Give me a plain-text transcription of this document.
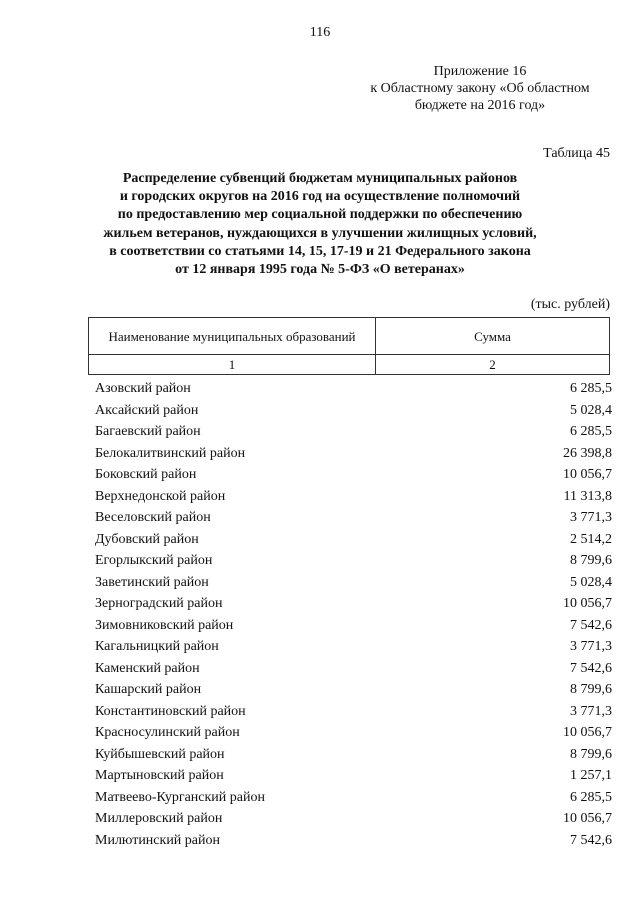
116
Приложение 16
к Областному закону «Об областном
бюджете на 2016 год»
Таблица 45
Распределение субвенций бюджетам муниципальных районов
и городских округов на 2016 год на осуществление полномочий
по предоставлению мер социальной поддержки по обеспечению
жильем ветеранов, нуждающихся в улучшении жилищных условий,
в соответствии со статьями 14, 15, 17-19 и 21 Федерального закона
от 12 января 1995 года № 5-ФЗ «О ветеранах»
(тыс. рублей)
Наименование муниципальных образований	Сумма
1	2
Азовский район	6 285,5
Аксайский район	5 028,4
Багаевский район	6 285,5
Белокалитвинский район	26 398,8
Боковский район	10 056,7
Верхнедонской район	11 313,8
Веселовский район	3 771,3
Дубовский район	2 514,2
Егорлыкский район	8 799,6
Заветинский район	5 028,4
Зерноградский район	10 056,7
Зимовниковский район	7 542,6
Кагальницкий район	3 771,3
Каменский район	7 542,6
Кашарский район	8 799,6
Константиновский район	3 771,3
Красносулинский район	10 056,7
Куйбышевский район	8 799,6
Мартыновский район	1 257,1
Матвеево-Курганский район	6 285,5
Миллеровский район	10 056,7
Милютинский район	7 542,6
